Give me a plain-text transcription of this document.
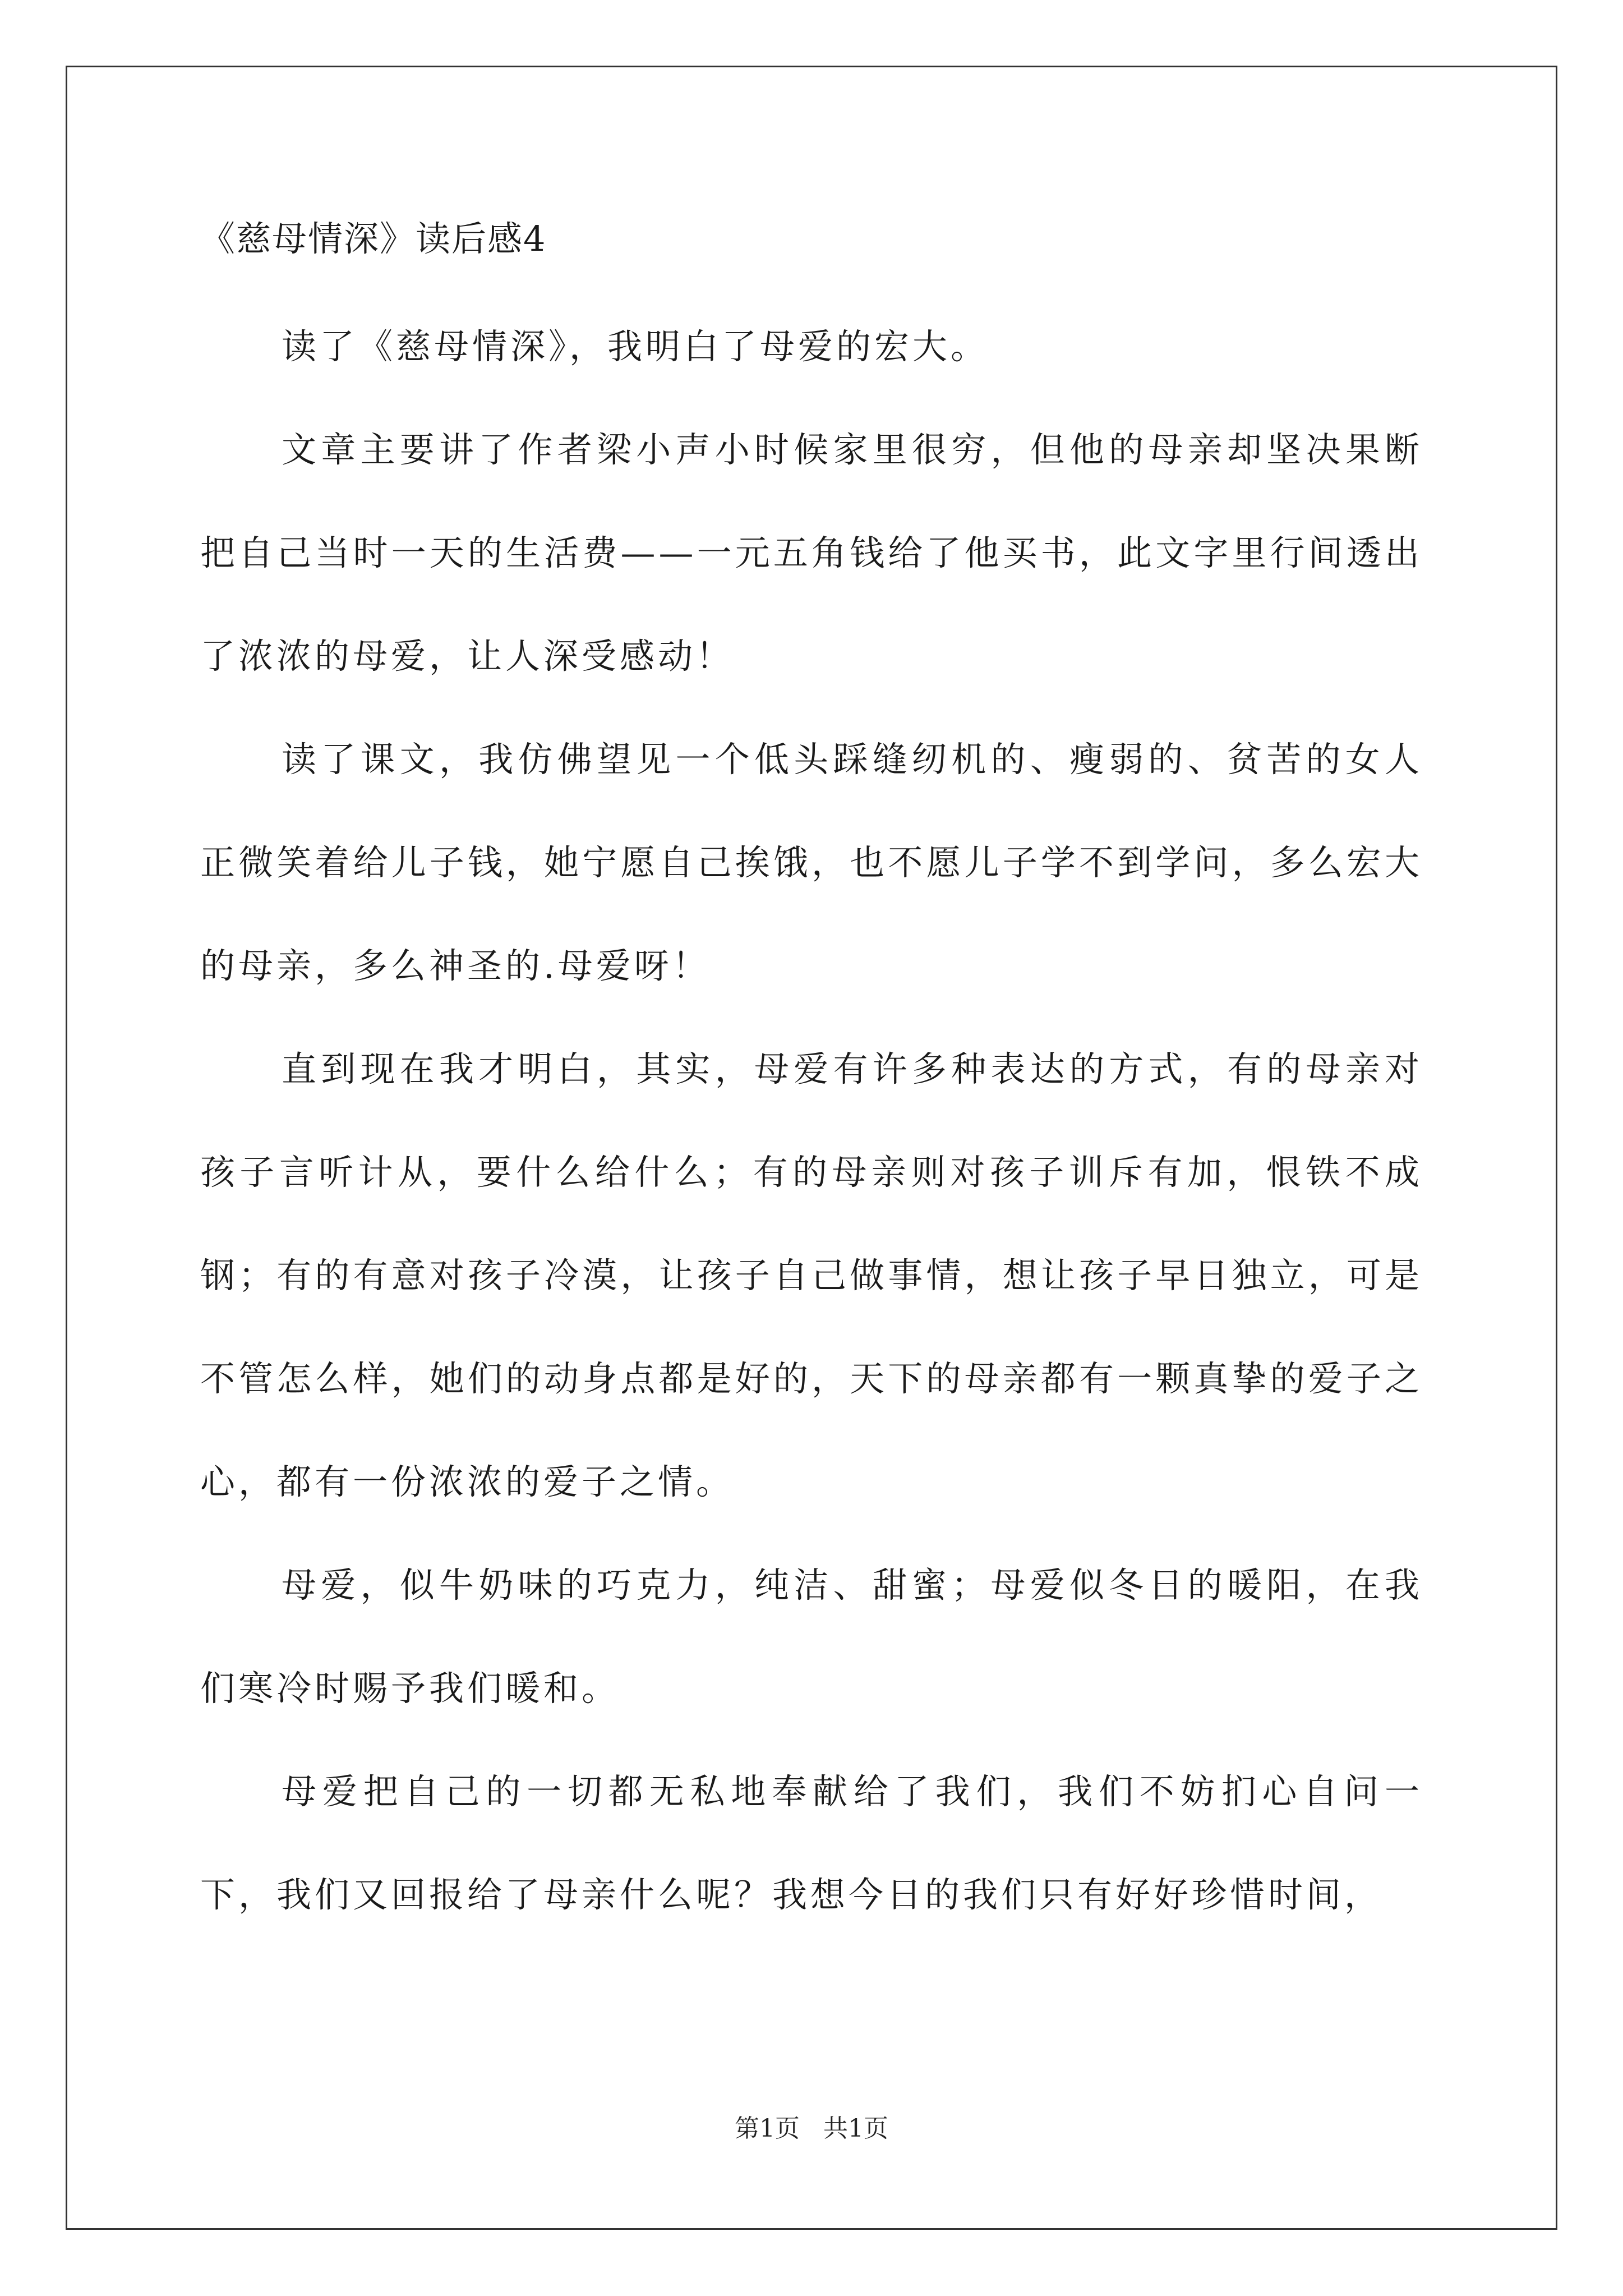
《慈母情深》读后感4

读了《慈母情深》，我明白了母爱的宏大。

文章主要讲了作者梁小声小时候家里很穷，但他的母亲却坚决果断把自己当时一天的生活费——一元五角钱给了他买书，此文字里行间透出了浓浓的母爱，让人深受感动！

读了课文，我仿佛望见一个低头踩缝纫机的、瘦弱的、贫苦的女人正微笑着给儿子钱，她宁愿自己挨饿，也不愿儿子学不到学问，多么宏大的母亲，多么神圣的.母爱呀！

直到现在我才明白，其实，母爱有许多种表达的方式，有的母亲对孩子言听计从，要什么给什么；有的母亲则对孩子训斥有加，恨铁不成钢；有的有意对孩子冷漠，让孩子自己做事情，想让孩子早日独立，可是不管怎么样，她们的动身点都是好的，天下的母亲都有一颗真挚的爱子之心，都有一份浓浓的爱子之情。

母爱，似牛奶味的巧克力，纯洁、甜蜜；母爱似冬日的暖阳，在我们寒冷时赐予我们暖和。

母爱把自己的一切都无私地奉献给了我们，我们不妨扪心自问一下，我们又回报给了母亲什么呢？我想今日的我们只有好好珍惜时间，

第1页   共1页
